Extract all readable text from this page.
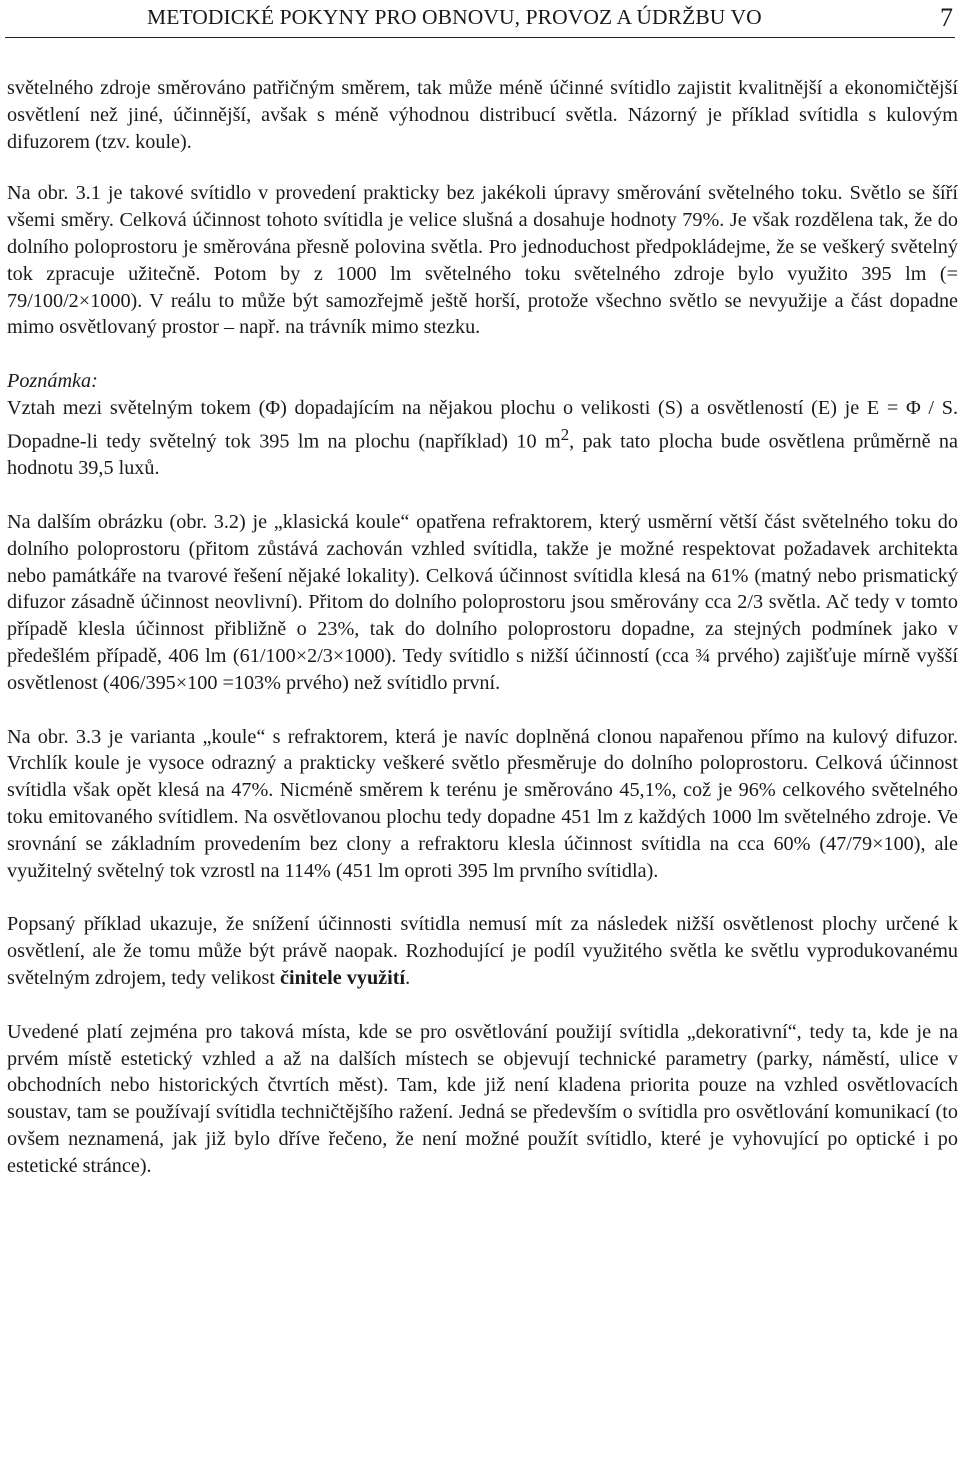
METODICKÉ POKYNY PRO OBNOVU, PROVOZ A ÚDRŽBU VO	7

světelného zdroje směrováno patřičným směrem, tak může méně účinné svítidlo zajistit kvalitnější a ekonomičtější osvětlení než jiné, účinnější, avšak s méně výhodnou distribucí světla. Názorný je příklad svítidla s kulovým difuzorem (tzv. koule).

Na obr. 3.1 je takové svítidlo v provedení prakticky bez jakékoli úpravy směrování světelného toku. Světlo se šíří všemi směry. Celková účinnost tohoto svítidla je velice slušná a dosahuje hodnoty 79%. Je však rozdělena tak, že do dolního poloprostoru je směrována přesně polovina světla. Pro jednoduchost předpokládejme, že se veškerý světelný tok zpracuje užitečně. Potom by z 1000 lm světelného toku světelného zdroje bylo využito 395 lm (= 79/100/2×1000). V reálu to může být samozřejmě ještě horší, protože všechno světlo se nevyužije a část dopadne mimo osvětlovaný prostor – např. na trávník mimo stezku.

Poznámka:

Vztah mezi světelným tokem (Φ) dopadajícím na nějakou plochu o velikosti (S) a osvětleností (E) je E = Φ / S. Dopadne-li tedy světelný tok 395 lm na plochu (například) 10 $m^2$, pak tato plocha bude osvětlena průměrně na hodnotu 39,5 luxů.

Na dalším obrázku (obr. 3.2) je „klasická koule“ opatřena refraktorem, který usměrní větší část světelného toku do dolního poloprostoru (přitom zůstává zachován vzhled svítidla, takže je možné respektovat požadavek architekta nebo památkáře na tvarové řešení nějaké lokality). Celková účinnost svítidla klesá na 61% (matný nebo prismatický difuzor zásadně účinnost neovlivní). Přitom do dolního poloprostoru jsou směrovány cca 2/3 světla. Ač tedy v tomto případě klesla účinnost přibližně o 23%, tak do dolního poloprostoru dopadne, za stejných podmínek jako v předešlém případě, 406 lm (61/100×2/3×1000). Tedy svítidlo s nižší účinností (cca ¾ prvého) zajišťuje mírně vyšší osvětlenost (406/395×100 =103% prvého) než svítidlo první.

Na obr. 3.3 je varianta „koule“ s refraktorem, která je navíc doplněná clonou napařenou přímo na kulový difuzor. Vrchlík koule je vysoce odrazný a prakticky veškeré světlo přesměruje do dolního poloprostoru. Celková účinnost svítidla však opět klesá na 47%. Nicméně směrem k terénu je směrováno 45,1%, což je 96% celkového světelného toku emitovaného svítidlem. Na osvětlovanou plochu tedy dopadne 451 lm z každých 1000 lm světelného zdroje. Ve srovnání se základním provedením bez clony a refraktoru klesla účinnost svítidla na cca 60% (47/79×100), ale využitelný světelný tok vzrostl na 114% (451 lm oproti 395 lm prvního svítidla).

Popsaný příklad ukazuje, že snížení účinnosti svítidla nemusí mít za následek nižší osvětlenost plochy určené k osvětlení, ale že tomu může být právě naopak. Rozhodující je podíl využitého světla ke světlu vyprodukovanému světelným zdrojem, tedy velikost činitele využití.

Uvedené platí zejména pro taková místa, kde se pro osvětlování použijí svítidla „dekorativní“, tedy ta, kde je na prvém místě estetický vzhled a až na dalších místech se objevují technické parametry (parky, náměstí, ulice v obchodních nebo historických čtvrtích měst). Tam, kde již není kladena priorita pouze na vzhled osvětlovacích soustav, tam se používají svítidla techničtějšího ražení. Jedná se především o svítidla pro osvětlování komunikací (to ovšem neznamená, jak již bylo dříve řečeno, že není možné použít svítidlo, které je vyhovující po optické i po estetické stránce).
